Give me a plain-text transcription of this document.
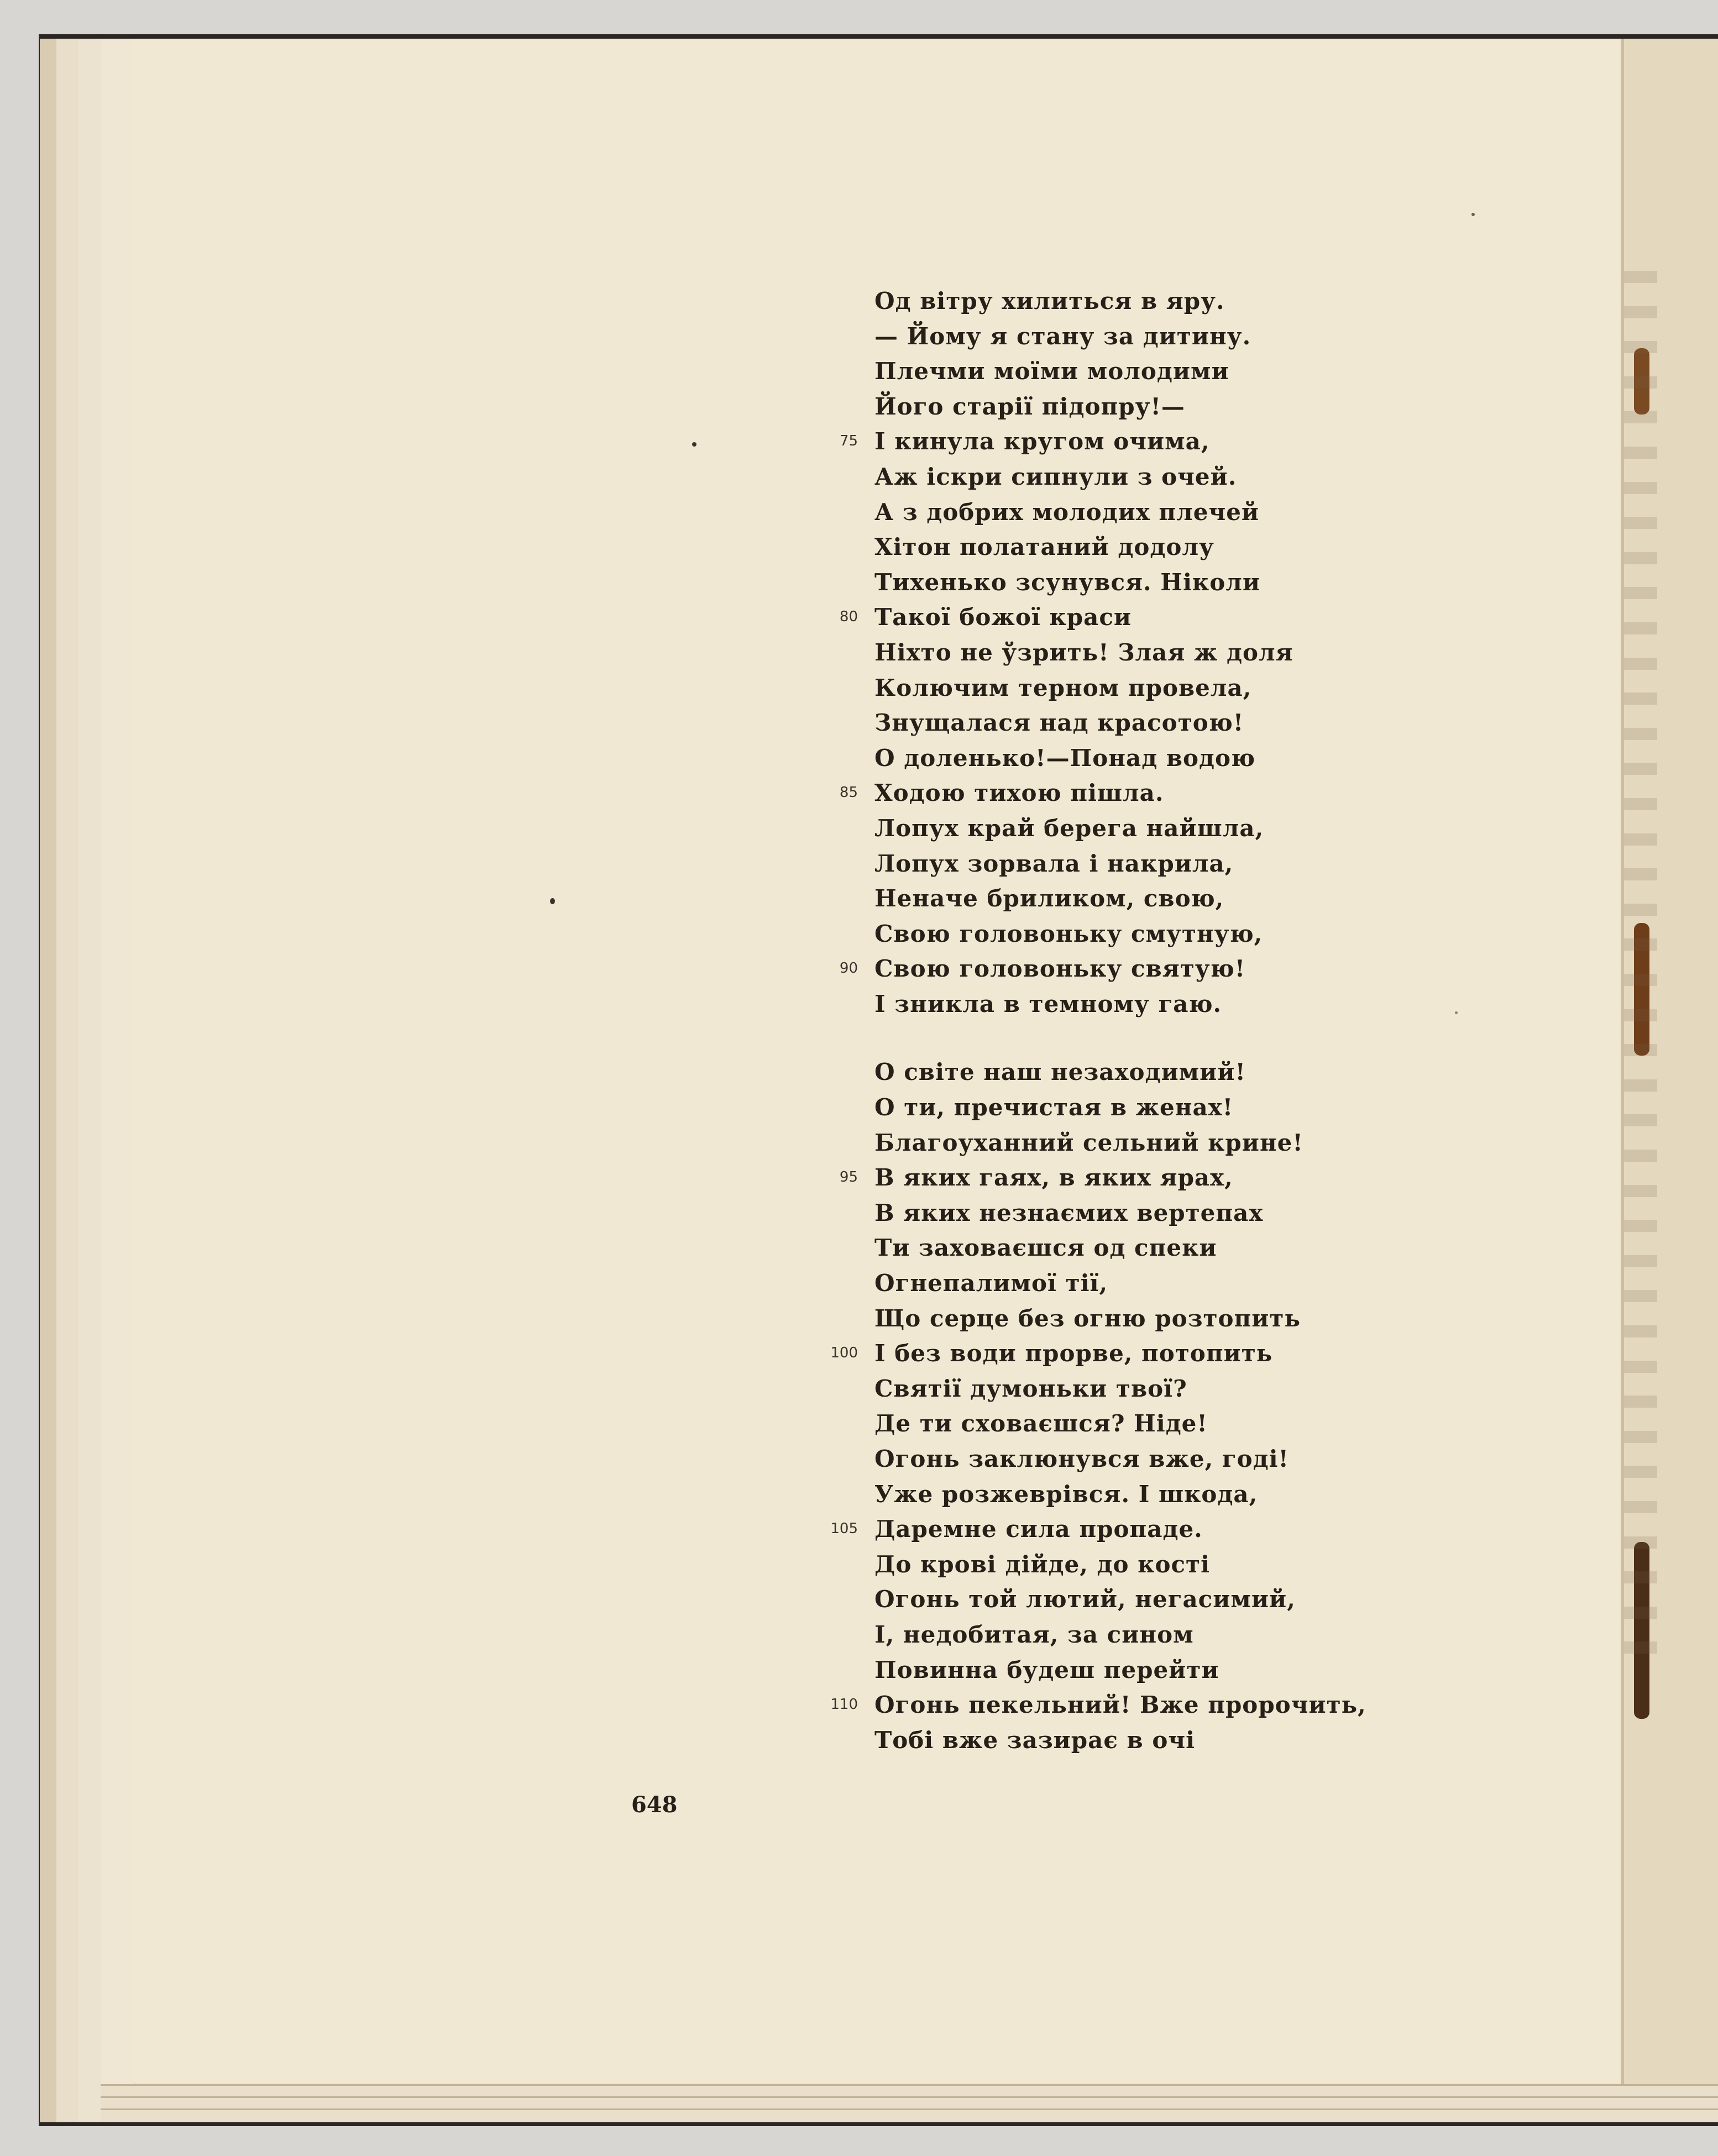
Од вітру хилиться в яру.
— Йому я стану за дитину.
Плечми моїми молодими
Його старії підопру!—
75 І кинула кругом очима,
Аж іскри сипнули з очей.
А з добрих молодих плечей
Хітон полатаний додолу
Тихенько зсунувся. Ніколи
80 Такої божої краси
Ніхто не ўзрить! Злая ж доля
Колючим терном провела,
Знущалася над красотою!
О доленько!—Понад водою
85 Ходою тихою пішла.
Лопух край берега найшла,
Лопух зорвала і накрила,
Неначе бриликом, свою,
Свою головоньку смутную,
90 Свою головоньку святую!
І зникла в темному гаю.
О світе наш незаходимий!
О ти, пречистая в женах!
Благоуханний сельний крине!
95 В яких гаях, в яких ярах,
В яких незнаємих вертепах
Ти заховаєшся од спеки
Огнепалимої тії,
Що серце без огню розтопить
100 І без води прорве, потопить
Святії думоньки твої?
Де ти сховаєшся? Ніде!
Огонь заклюнувся вже, годі!
Уже розжеврівся. І шкода,
105 Даремне сила пропаде.
До крові дійде, до кості
Огонь той лютий, негасимий,
І, недобитая, за сином
Повинна будеш перейти
110 Огонь пекельний! Вже пророчить,
Тобі вже зазирає в очі

648
